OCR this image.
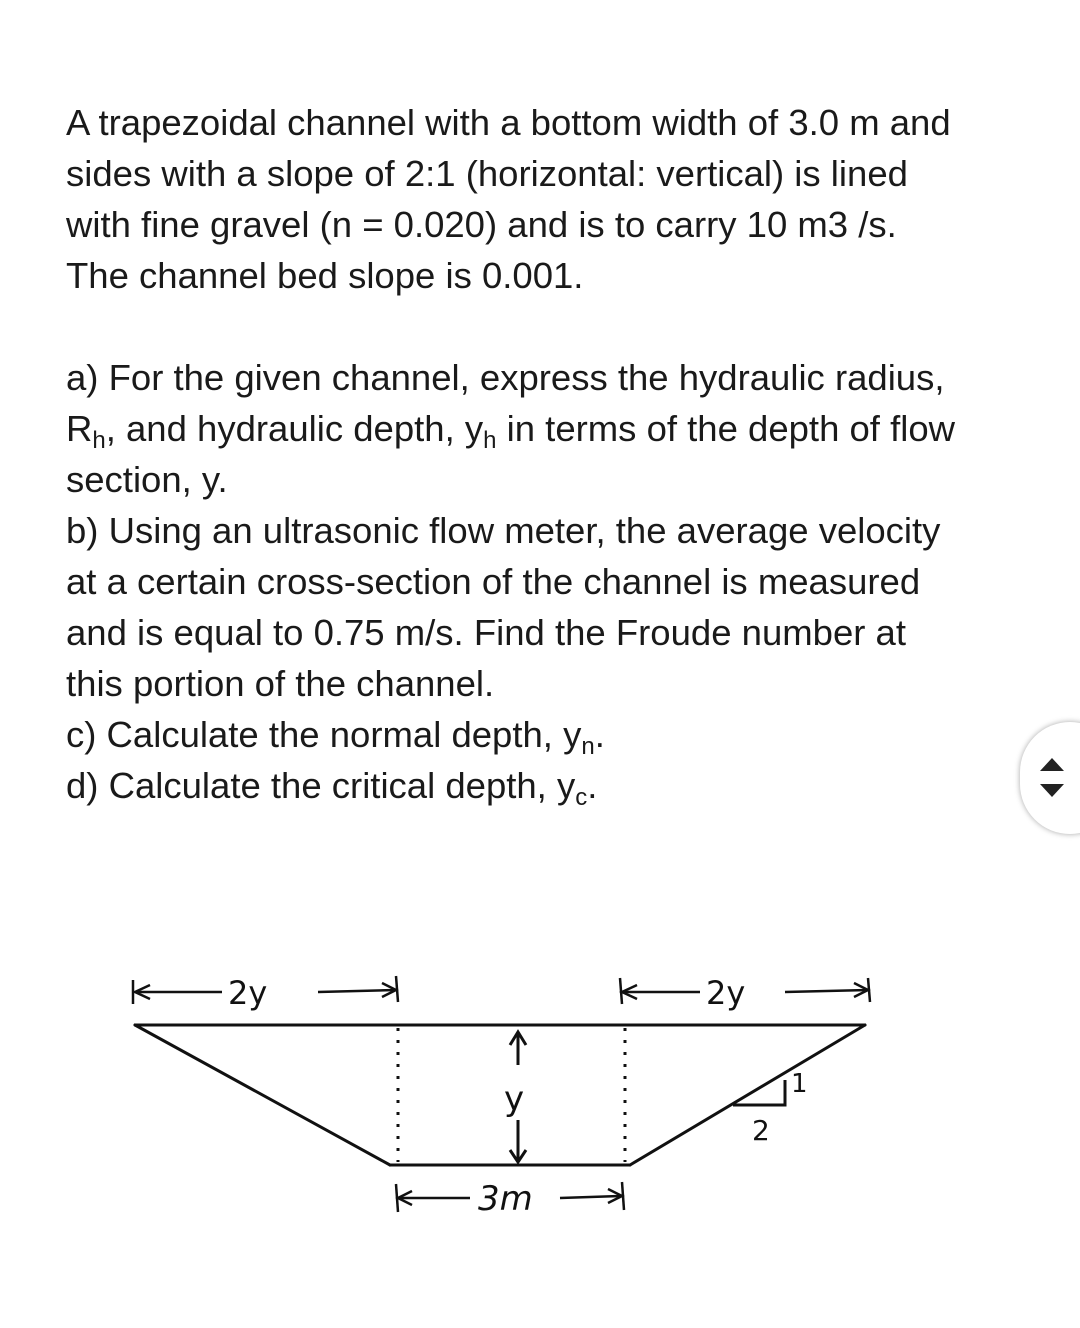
A trapezoidal channel with a bottom width of 3.0 m and
sides with a slope of 2:1 (horizontal: vertical) is lined
with fine gravel (n = 0.020) and is to carry 10 m3 /s.
The channel bed slope is 0.001.

a) For the given channel, express the hydraulic radius,
$R_h$, and hydraulic depth, $y_h$ in terms of the depth of flow
section, y.

b) Using an ultrasonic flow meter, the average velocity
at a certain cross-section of the channel is measured
and is equal to 0.75 m/s. Find the Froude number at
this portion of the channel.

c) Calculate the normal depth, $y_n$.

d) Calculate the critical depth, $y_c$.

2y	2y
y
3m
1
2
